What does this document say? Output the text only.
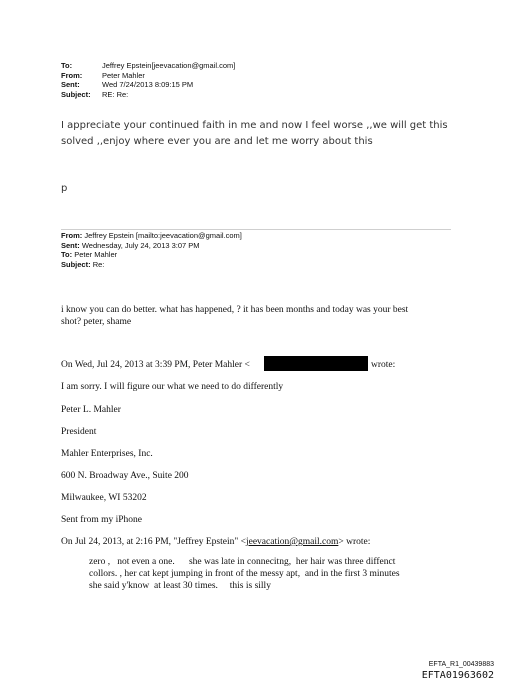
To:	Jeffrey Epstein[jeevacation@gmail.com]
From:	Peter Mahler
Sent:	Wed 7/24/2013 8:09:15 PM
Subject:	RE: Re:
I appreciate your continued faith in me and now I feel worse ,,we will get this
solved ,,enjoy where ever you are and let me worry about this
p
From: Jeffrey Epstein [mailto:jeevacation@gmail.com]
Sent: Wednesday, July 24, 2013 3:07 PM
To: Peter Mahler
Subject: Re:
i know you can do better. what has happened, ? it has been months and today was your best
shot? peter, shame
On Wed, Jul 24, 2013 at 3:39 PM, Peter Mahler <	wrote:
I am sorry. I will figure our what we need to do differently
Peter L. Mahler
President
Mahler Enterprises, Inc.
600 N. Broadway Ave., Suite 200
Milwaukee, WI 53202
Sent from my iPhone
On Jul 24, 2013, at 2:16 PM, "Jeffrey Epstein" <jeevacation@gmail.com> wrote:
zero ,   not even a one.      she was late in connecitng,  her hair was three diffenct
collors. , her cat kept jumping in front of the messy apt,  and in the first 3 minutes
she said y'know  at least 30 times.     this is silly
EFTA_R1_00439883
EFTA01963602
